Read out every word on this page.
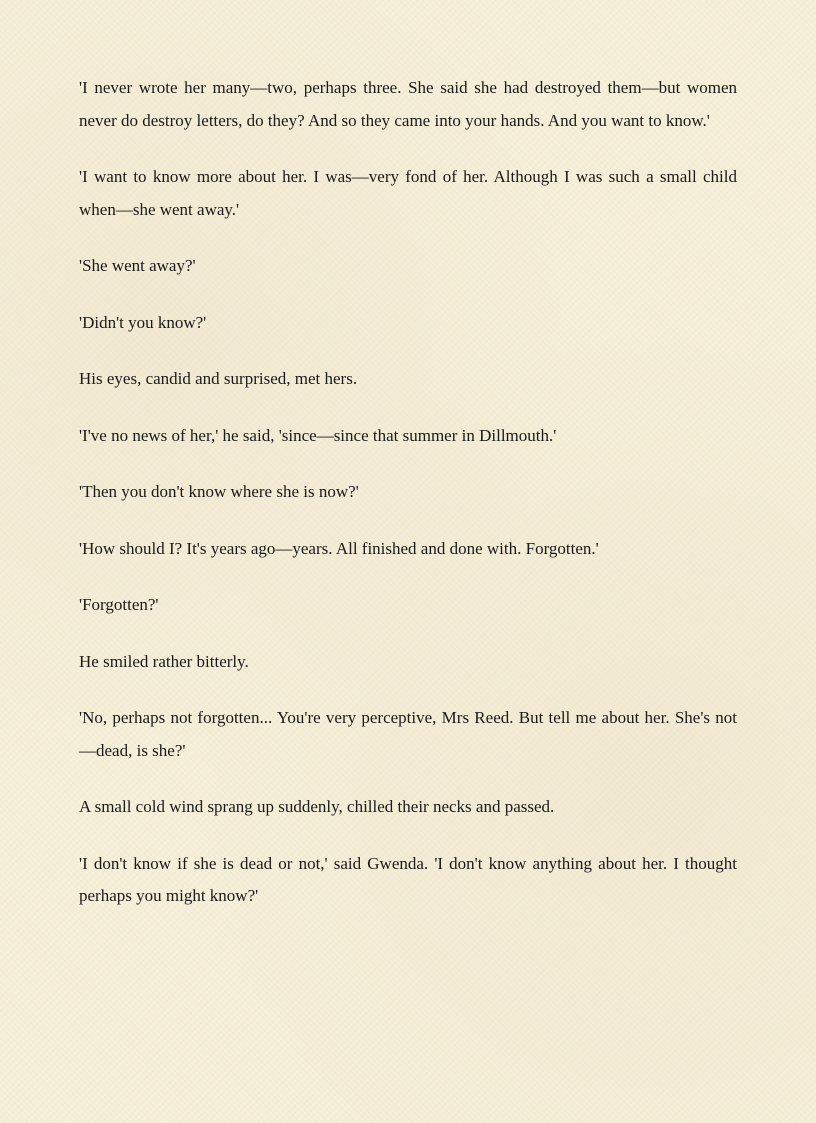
'I never wrote her many—two, perhaps three. She said she had destroyed them—but women never do destroy letters, do they? And so they came into your hands. And you want to know.'

'I want to know more about her. I was—very fond of her. Although I was such a small child when—she went away.'

'She went away?'

'Didn't you know?'

His eyes, candid and surprised, met hers.

'I've no news of her,' he said, 'since—since that summer in Dillmouth.'

'Then you don't know where she is now?'

'How should I? It's years ago—years. All finished and done with. Forgotten.'

'Forgotten?'

He smiled rather bitterly.

'No, perhaps not forgotten... You're very perceptive, Mrs Reed. But tell me about her. She's not—dead, is she?'

A small cold wind sprang up suddenly, chilled their necks and passed.

'I don't know if she is dead or not,' said Gwenda. 'I don't know anything about her. I thought perhaps you might know?'
